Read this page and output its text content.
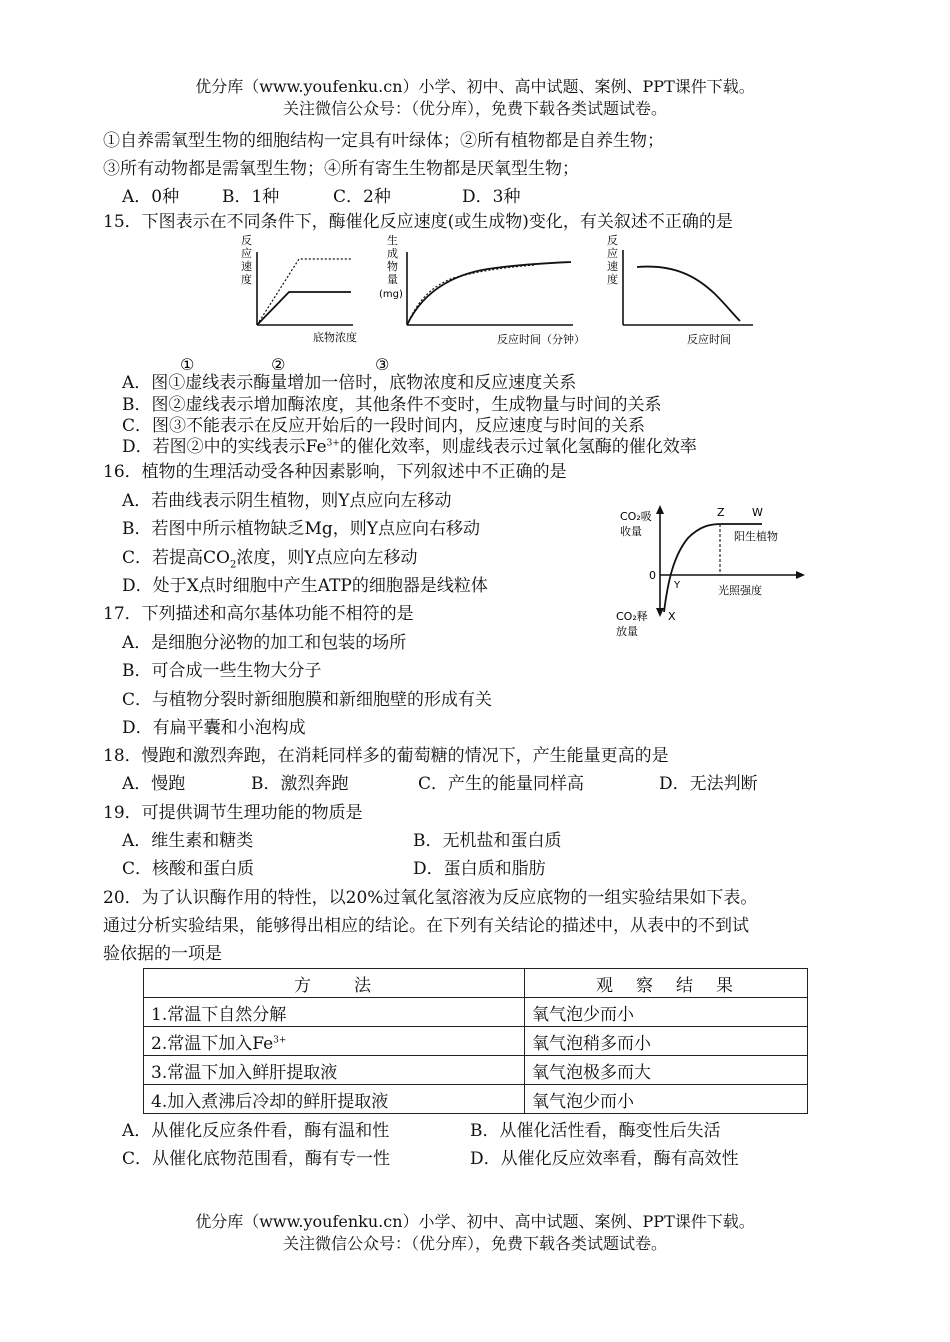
优分库（www.youfenku.cn）小学、初中、高中试题、案例、PPT课件下载。
关注微信公众号：（优分库），免费下载各类试题试卷。
①自养需氧型生物的细胞结构一定具有叶绿体；②所有植物都是自养生物；
③所有动物都是需氧型生物；④所有寄生生物都是厌氧型生物；
A．0种	B．1种	C．2种	D．3种
15．下图表示在不同条件下，酶催化反应速度(或生成物)变化，有关叙述不正确的是
反
应
速
度
底物浓度
①
生
成
物
量
(mg)
反应时间（分钟）
②
反
应
速
度
反应时间
③
A．图①虚线表示酶量增加一倍时，底物浓度和反应速度关系
B．图②虚线表示增加酶浓度，其他条件不变时，生成物量与时间的关系
C．图③不能表示在反应开始后的一段时间内，反应速度与时间的关系
D．若图②中的实线表示$Fe^{3+}$的催化效率，则虚线表示过氧化氢酶的催化效率
16．植物的生理活动受各种因素影响，下列叙述中不正确的是
A．若曲线表示阴生植物，则Y点应向左移动
B．若图中所示植物缺乏Mg，则Y点应向右移动
C．若提高$CO_2$浓度，则Y点应向左移动
D．处于X点时细胞中产生ATP的细胞器是线粒体
CO₂吸
收量
0
光照强度
Z W
阳生植物
Y
X
CO₂释
放量
17．下列描述和高尔基体功能不相符的是
A．是细胞分泌物的加工和包装的场所
B．可合成一些生物大分子
C．与植物分裂时新细胞膜和新细胞壁的形成有关
D．有扁平囊和小泡构成
18．慢跑和激烈奔跑，在消耗同样多的葡萄糖的情况下，产生能量更高的是
A．慢跑	B．激烈奔跑	C．产生的能量同样高	D．无法判断
19．可提供调节生理功能的物质是
A．维生素和糖类	B．无机盐和蛋白质
C．核酸和蛋白质	D．蛋白质和脂肪
20．为了认识酶作用的特性，以20%过氧化氢溶液为反应底物的一组实验结果如下表。
通过分析实验结果，能够得出相应的结论。在下列有关结论的描述中，从表中的不到试
验依据的一项是
方　　法	观　察　结　果
1.常温下自然分解	氧气泡少而小
2.常温下加入$Fe^{3+}$	氧气泡稍多而小
3.常温下加入鲜肝提取液	氧气泡极多而大
4.加入煮沸后冷却的鲜肝提取液	氧气泡少而小
A．从催化反应条件看，酶有温和性	B．从催化活性看，酶变性后失活
C．从催化底物范围看，酶有专一性	D．从催化反应效率看，酶有高效性
优分库（www.youfenku.cn）小学、初中、高中试题、案例、PPT课件下载。
关注微信公众号：（优分库），免费下载各类试题试卷。
